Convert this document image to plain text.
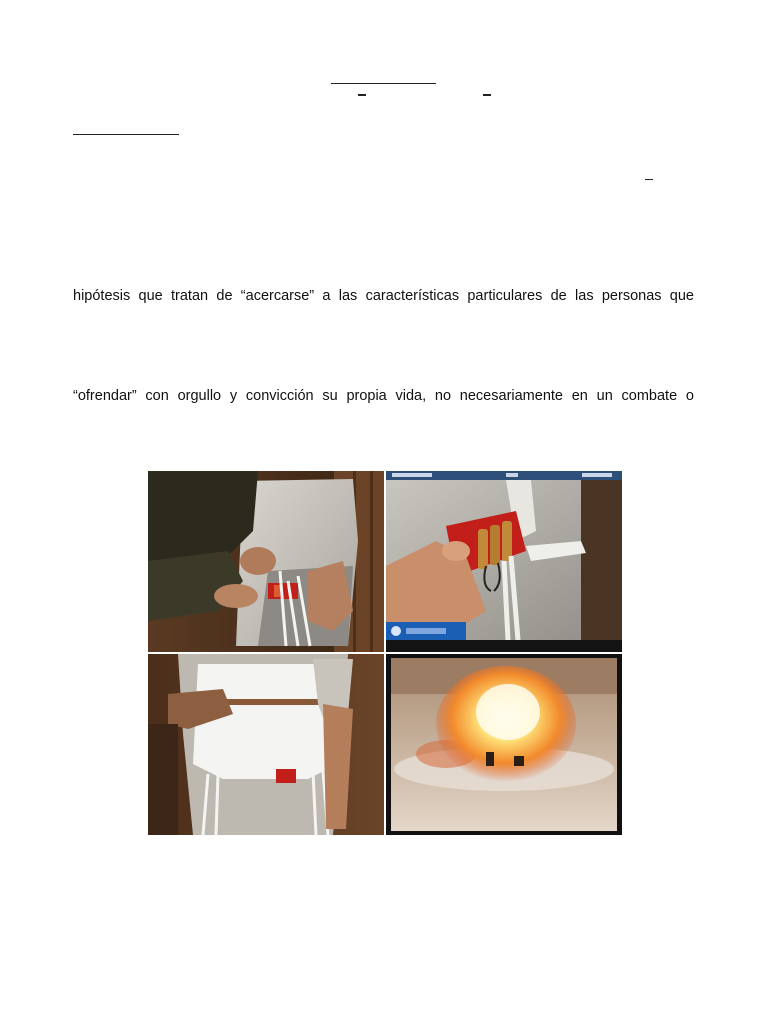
hipótesis que tratan de “acercarse” a las características particulares de las personas que
“ofrendar” con orgullo y convicción su propia vida, no necesariamente en un combate o
